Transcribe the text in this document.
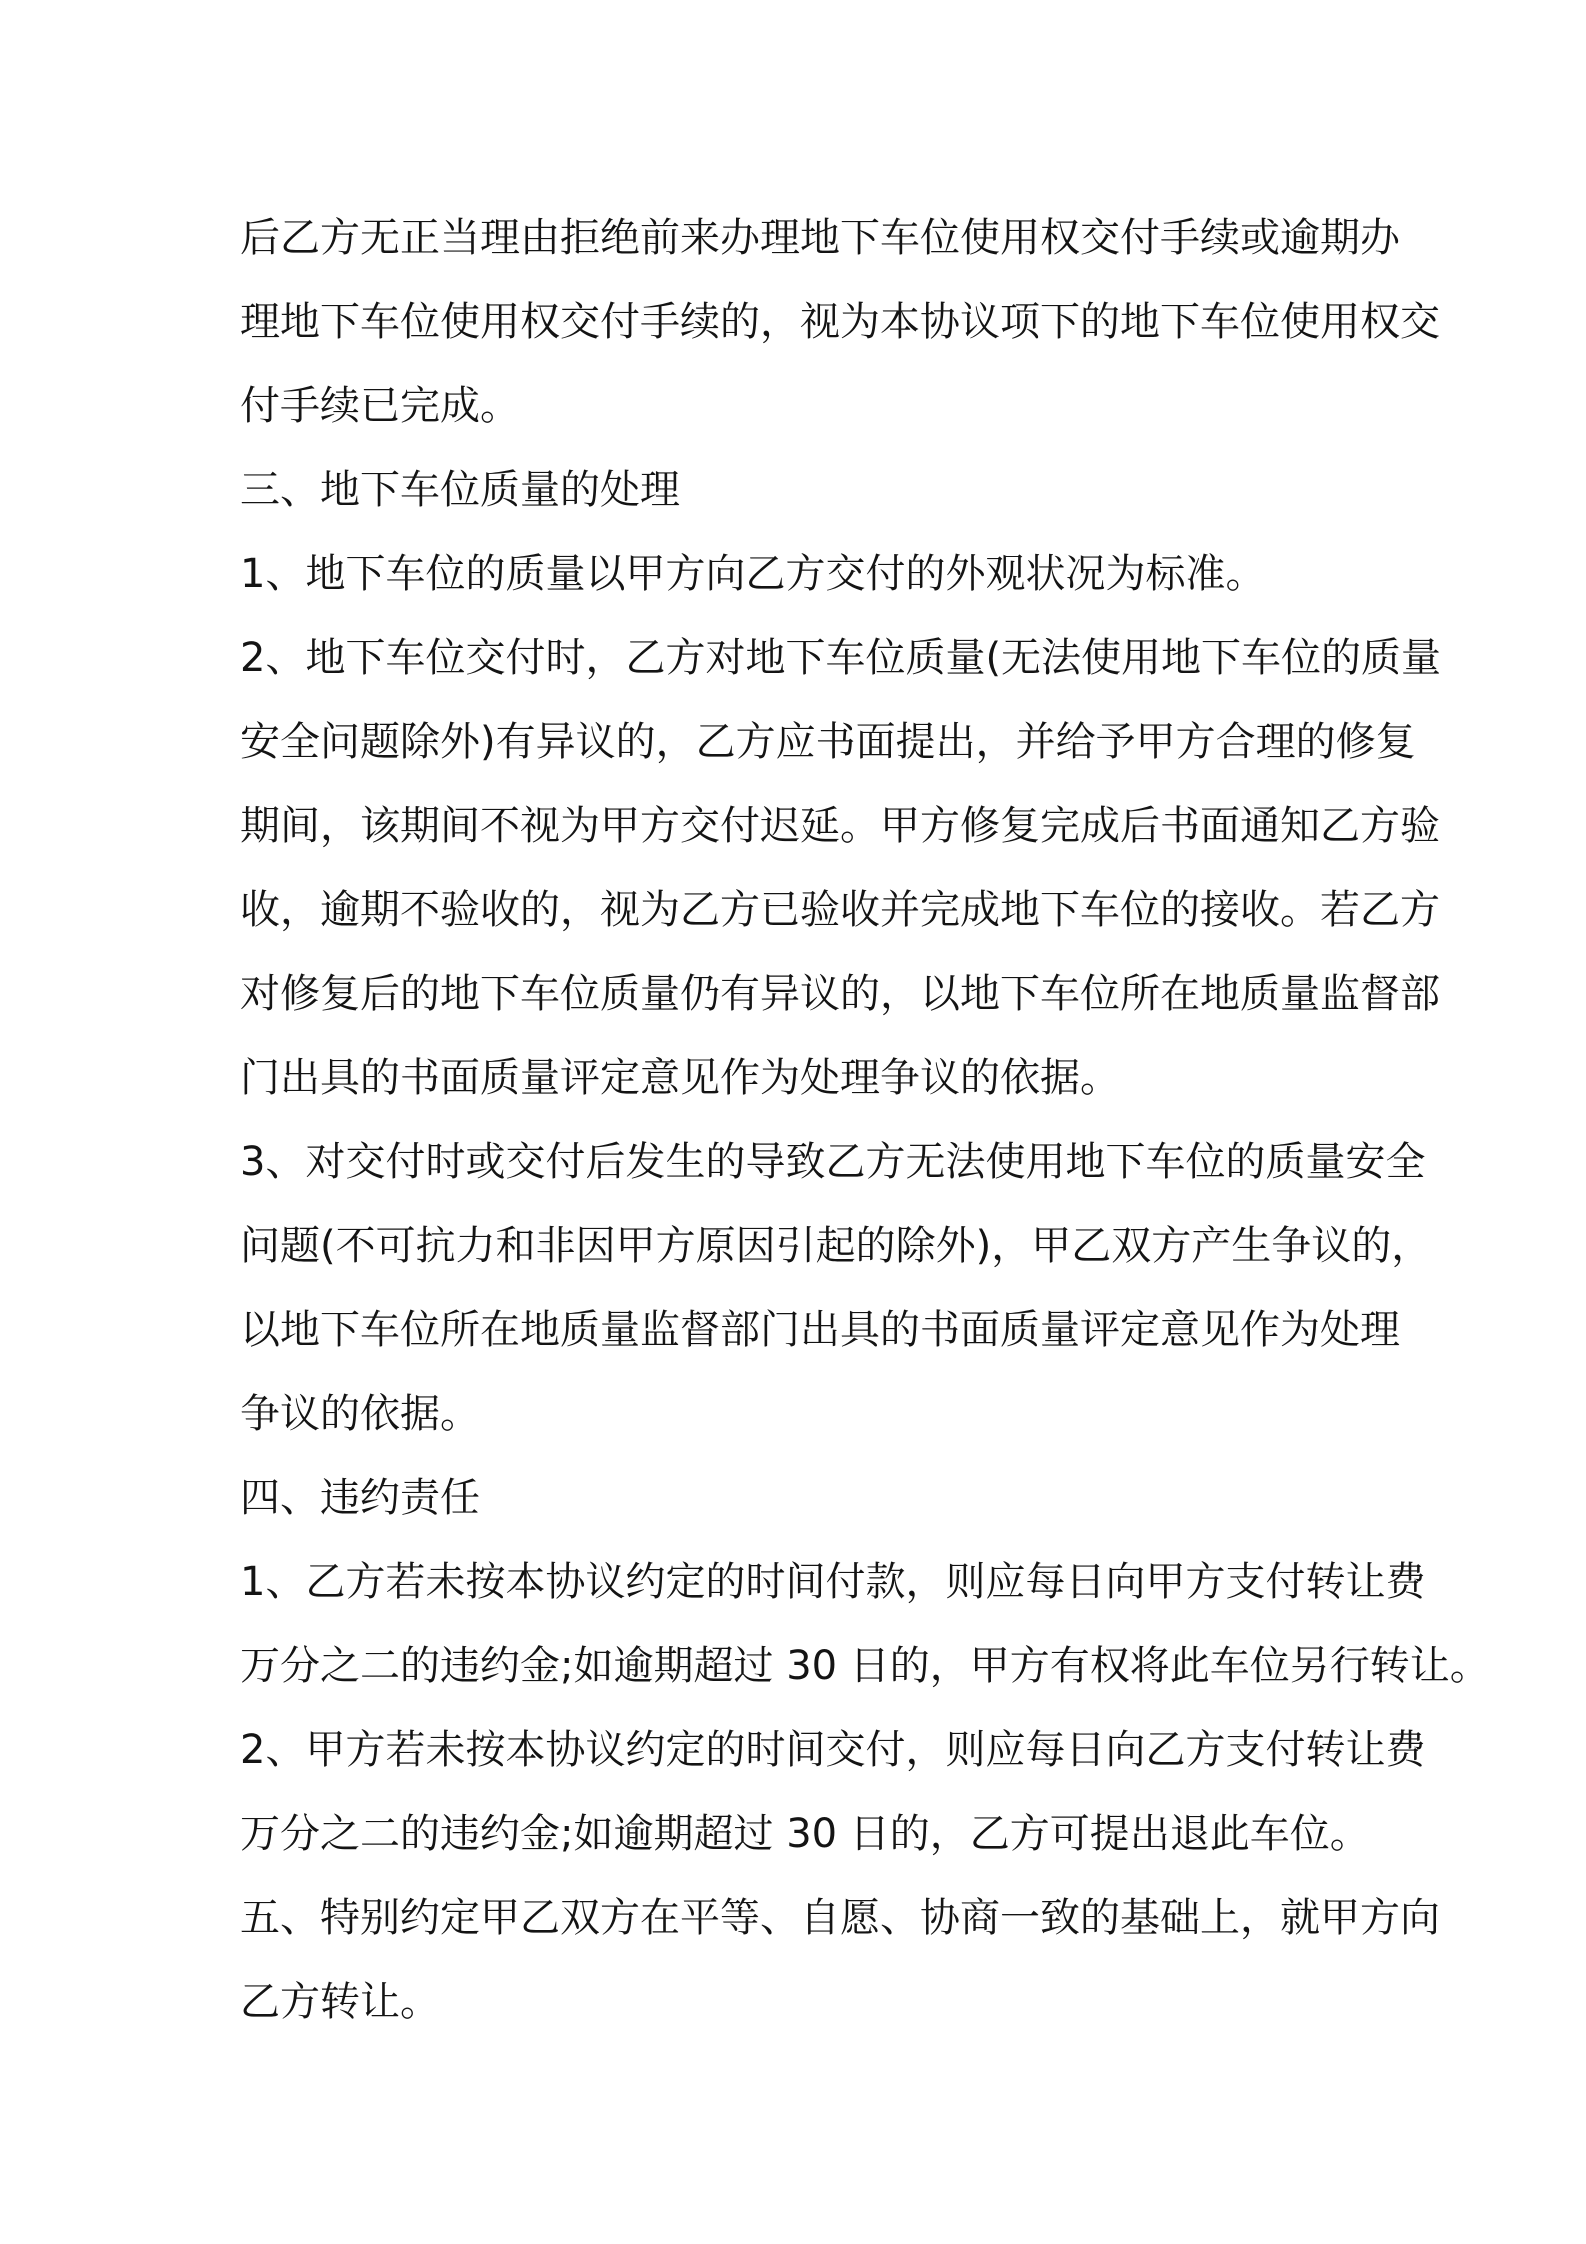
后乙方无正当理由拒绝前来办理地下车位使用权交付手续或逾期办
理地下车位使用权交付手续的，视为本协议项下的地下车位使用权交
付手续已完成。

三、地下车位质量的处理

1、地下车位的质量以甲方向乙方交付的外观状况为标准。

2、地下车位交付时，乙方对地下车位质量(无法使用地下车位的质量
安全问题除外)有异议的，乙方应书面提出，并给予甲方合理的修复
期间，该期间不视为甲方交付迟延。甲方修复完成后书面通知乙方验
收，逾期不验收的，视为乙方已验收并完成地下车位的接收。若乙方
对修复后的地下车位质量仍有异议的，以地下车位所在地质量监督部
门出具的书面质量评定意见作为处理争议的依据。

3、对交付时或交付后发生的导致乙方无法使用地下车位的质量安全
问题(不可抗力和非因甲方原因引起的除外)，甲乙双方产生争议的，
以地下车位所在地质量监督部门出具的书面质量评定意见作为处理
争议的依据。

四、违约责任

1、乙方若未按本协议约定的时间付款，则应每日向甲方支付转让费
万分之二的违约金;如逾期超过 30 日的，甲方有权将此车位另行转让。

2、甲方若未按本协议约定的时间交付，则应每日向乙方支付转让费
万分之二的违约金;如逾期超过 30 日的，乙方可提出退此车位。

五、特别约定甲乙双方在平等、自愿、协商一致的基础上，就甲方向
乙方转让。
